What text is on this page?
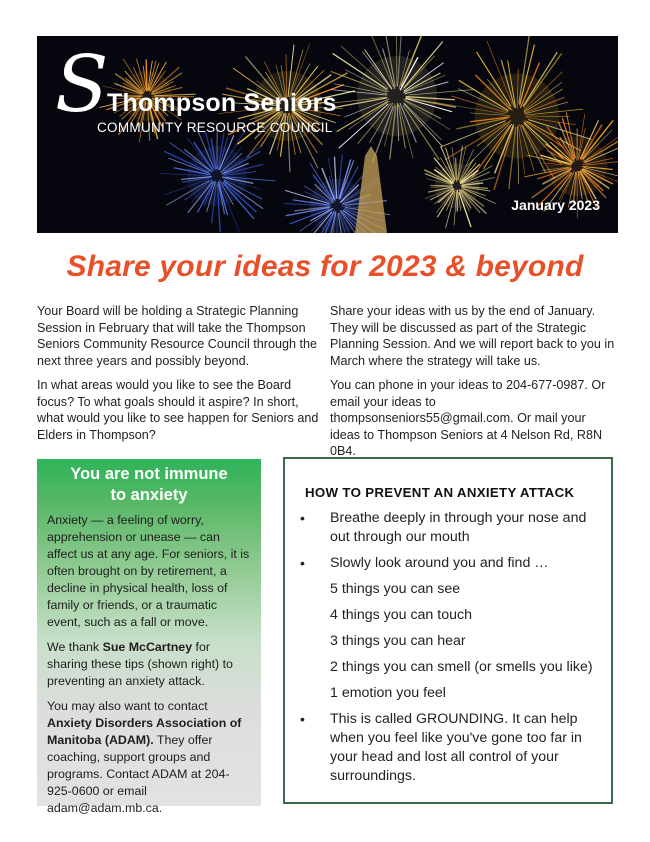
S
Thompson Seniors
COMMUNITY RESOURCE COUNCIL
January 2023
Share your ideas for 2023 & beyond

Your Board will be holding a Strategic Planning Session in February that will take the Thompson Seniors Community Resource Council through the next three years and possibly beyond.

In what areas would you like to see the Board focus? To what goals should it aspire? In short, what would you like to see happen for Seniors and Elders in Thompson?

Share your ideas with us by the end of January. They will be discussed as part of the Strategic Planning Session. And we will report back to you in March where the strategy will take us.

You can phone in your ideas to 204-677-0987. Or email your ideas to thompsonseniors55@gmail.com. Or mail your ideas to Thompson Seniors at 4 Nelson Rd, R8N 0B4.

You are not immune
to anxiety

Anxiety — a feeling of worry, apprehension or unease — can affect us at any age. For seniors, it is often brought on by retirement, a decline in physical health, loss of family or friends, or a traumatic event, such as a fall or move.

We thank Sue McCartney for sharing these tips (shown right) to preventing an anxiety attack.

You may also want to contact Anxiety Disorders Association of Manitoba (ADAM). They offer coaching, support groups and programs. Contact ADAM at 204-925-0600 or email adam@adam.mb.ca.

HOW TO PREVENT AN ANXIETY ATTACK
• Breathe deeply in through your nose and out through our mouth
• Slowly look around you and find …
5 things you can see
4 things you can touch
3 things you can hear
2 things you can smell (or smells you like)
1 emotion you feel
• This is called GROUNDING. It can help when you feel like you've gone too far in your head and lost all control of your surroundings.
